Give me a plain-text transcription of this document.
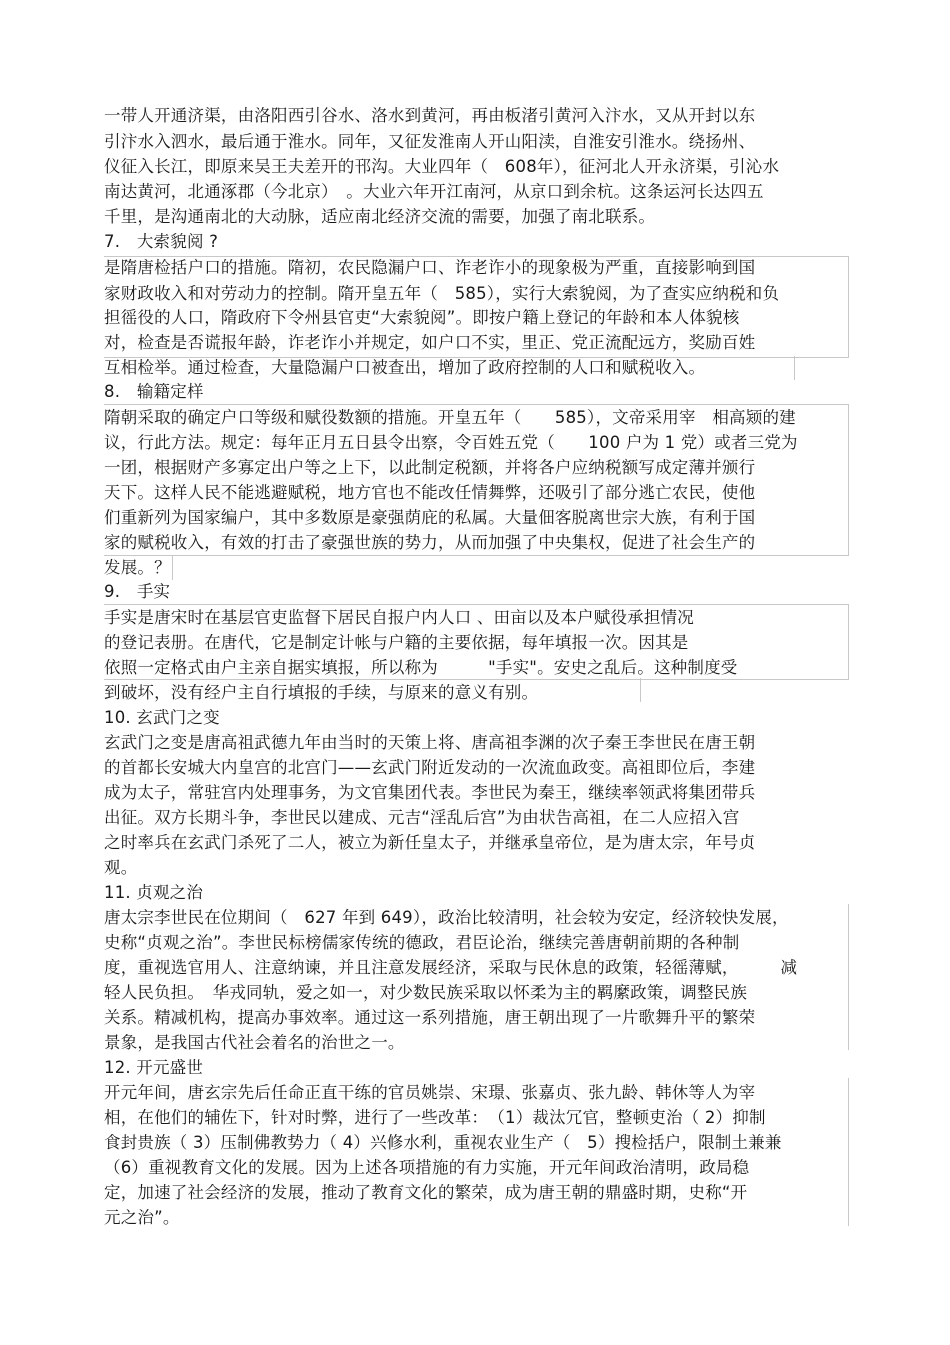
一带人开通济渠，由洛阳西引谷水、洛水到黄河，再由板渚引黄河入汴水，又从开封以东
引汴水入泗水，最后通于淮水。同年，又征发淮南人开山阳渎，自淮安引淮水。绕扬州、
仪征入长江，即原来吴王夫差开的邗沟。大业四年（　608年），征河北人开永济渠，引沁水
南达黄河，北通涿郡（今北京）　。大业六年开江南河，从京口到余杭。这条运河长达四五
千里，是沟通南北的大动脉，适应南北经济交流的需要，加强了南北联系。
7.　大索貌阅 ?
是隋唐检括户口的措施。隋初，农民隐漏户口、诈老诈小的现象极为严重，直接影响到国
家财政收入和对劳动力的控制。隋开皇五年（　585），实行大索貌阅，为了查实应纳税和负
担徭役的人口，隋政府下令州县官吏“大索貌阅”。即按户籍上登记的年龄和本人体貌核
对，检查是否谎报年龄，诈老诈小并规定，如户口不实，里正、党正流配远方，奖励百姓
互相检举。通过检查，大量隐漏户口被查出，增加了政府控制的人口和赋税收入。
8.　输籍定样
隋朝采取的确定户口等级和赋役数额的措施。开皇五年（　　585），文帝采用宰　相高颎的建
议，行此方法。规定：每年正月五日县令出察，令百姓五党（　　100 户为 1 党）或者三党为
一团，根据财产多寡定出户等之上下，以此制定税额，并将各户应纳税额写成定薄并颁行
天下。这样人民不能逃避赋税，地方官也不能改任情舞弊，还吸引了部分逃亡农民，使他
们重新列为国家编户，其中多数原是豪强荫庇的私属。大量佃客脱离世宗大族，有利于国
家的赋税收入，有效的打击了豪强世族的势力，从而加强了中央集权，促进了社会生产的
发展。？
9.　手实
手实是唐宋时在基层官吏监督下居民自报户内人口 、田亩以及本户赋役承担情况
的登记表册。在唐代，它是制定计帐与户籍的主要依据，每年填报一次。因其是
依照一定格式由户主亲自据实填报，所以称为　　　"手实"。安史之乱后。这种制度受
到破坏，没有经户主自行填报的手续，与原来的意义有别。
10. 玄武门之变
玄武门之变是唐高祖武德九年由当时的天策上将、唐高祖李渊的次子秦王李世民在唐王朝
的首都长安城大内皇宫的北宫门——玄武门附近发动的一次流血政变。高祖即位后，李建
成为太子，常驻宫内处理事务，为文官集团代表。李世民为秦王，继续率领武将集团带兵
出征。双方长期斗争，李世民以建成、元吉“淫乱后宫”为由状告高祖，在二人应招入宫
之时率兵在玄武门杀死了二人，被立为新任皇太子，并继承皇帝位，是为唐太宗，年号贞
观。
11. 贞观之治
唐太宗李世民在位期间（　627 年到 649），政治比较清明，社会较为安定，经济较快发展，
史称“贞观之治”。李世民标榜儒家传统的德政，君臣论治，继续完善唐朝前期的各种制
度，重视选官用人、注意纳谏，并且注意发展经济，采取与民休息的政策，轻徭薄赋，　　　减
轻人民负担。　华戎同轨，爱之如一，对少数民族采取以怀柔为主的羁縻政策，调整民族
关系。精减机构，提高办事效率。通过这一系列措施，唐王朝出现了一片歌舞升平的繁荣
景象，是我国古代社会着名的治世之一。
12. 开元盛世
开元年间，唐玄宗先后任命正直干练的官员姚崇、宋璟、张嘉贞、张九龄、韩休等人为宰
相，在他们的辅佐下，针对时弊，进行了一些改革：　（1）裁汰冗官，整顿吏治（ 2）抑制
食封贵族（ 3）压制佛教势力（ 4）兴修水利，重视农业生产（　5）搜检括户，限制土兼兼
（6）重视教育文化的发展。因为上述各项措施的有力实施，开元年间政治清明，政局稳
定，加速了社会经济的发展，推动了教育文化的繁荣，成为唐王朝的鼎盛时期，史称“开
元之治”。
